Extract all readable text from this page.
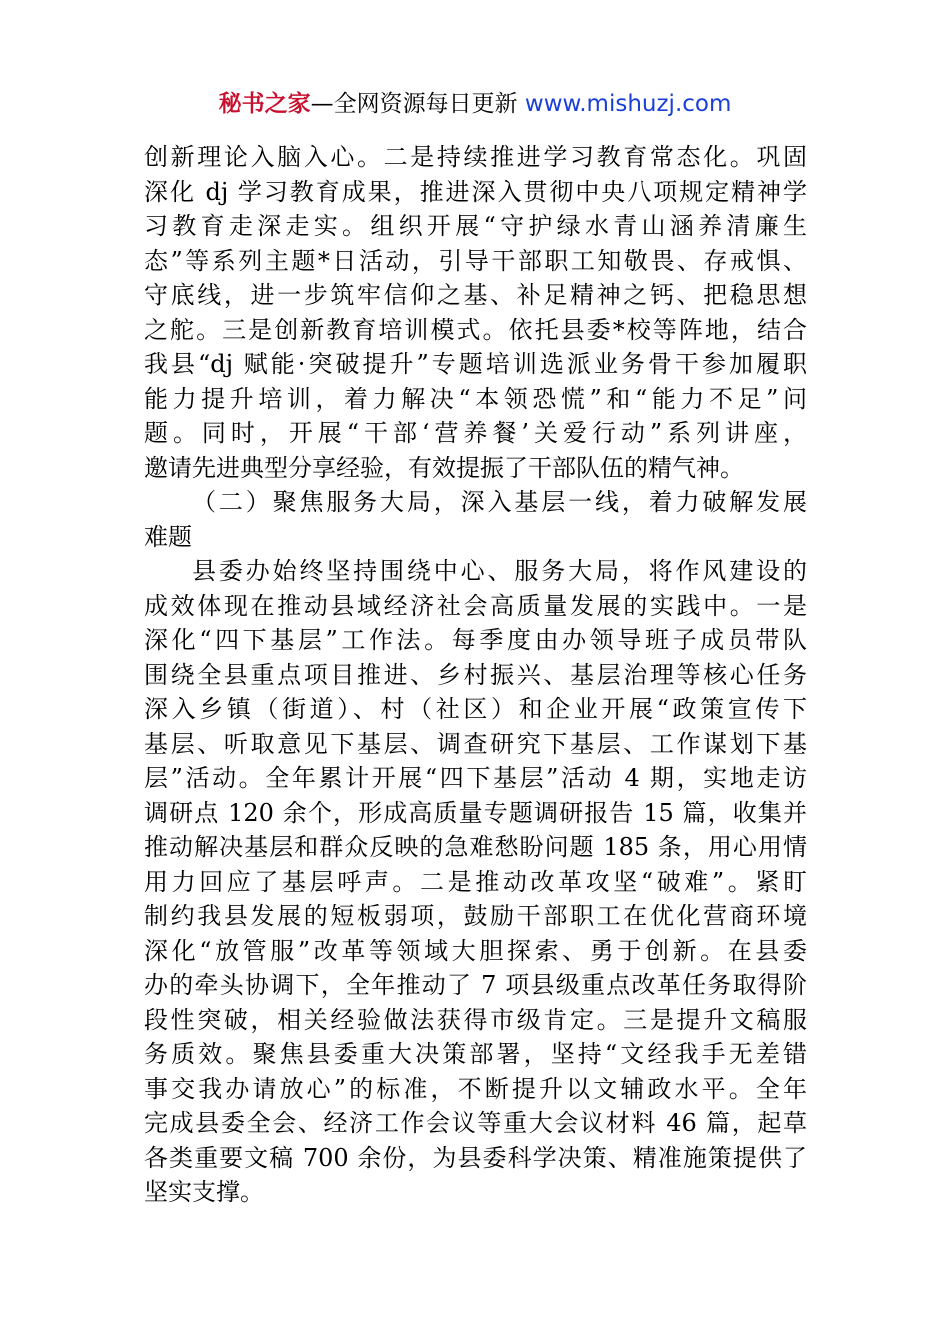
秘书之家—全网资源每日更新 www.mishuzj.com
创新理论入脑入心。二是持续推进学习教育常态化。巩固
深化 dj 学习教育成果，推进深入贯彻中央八项规定精神学
习教育走深走实。组织开展“守护绿水青山涵养清廉生
态”等系列主题*日活动，引导干部职工知敬畏、存戒惧、
守底线，进一步筑牢信仰之基、补足精神之钙、把稳思想
之舵。三是创新教育培训模式。依托县委*校等阵地，结合
我县“dj 赋能·突破提升”专题培训选派业务骨干参加履职
能力提升培训，着力解决“本领恐慌”和“能力不足”问
题。同时，开展“干部‘营养餐’关爱行动”系列讲座，
邀请先进典型分享经验，有效提振了干部队伍的精气神。
（二）聚焦服务大局，深入基层一线，着力破解发展
难题
县委办始终坚持围绕中心、服务大局，将作风建设的
成效体现在推动县域经济社会高质量发展的实践中。一是
深化“四下基层”工作法。每季度由办领导班子成员带队
围绕全县重点项目推进、乡村振兴、基层治理等核心任务
深入乡镇（街道）、村（社区）和企业开展“政策宣传下
基层、听取意见下基层、调查研究下基层、工作谋划下基
层”活动。全年累计开展“四下基层”活动 4 期，实地走访
调研点 120 余个，形成高质量专题调研报告 15 篇，收集并
推动解决基层和群众反映的急难愁盼问题 185 条，用心用情
用力回应了基层呼声。二是推动改革攻坚“破难”。紧盯
制约我县发展的短板弱项，鼓励干部职工在优化营商环境
深化“放管服”改革等领域大胆探索、勇于创新。在县委
办的牵头协调下，全年推动了 7 项县级重点改革任务取得阶
段性突破，相关经验做法获得市级肯定。三是提升文稿服
务质效。聚焦县委重大决策部署，坚持“文经我手无差错
事交我办请放心”的标准，不断提升以文辅政水平。全年
完成县委全会、经济工作会议等重大会议材料 46 篇，起草
各类重要文稿 700 余份，为县委科学决策、精准施策提供了
坚实支撑。
